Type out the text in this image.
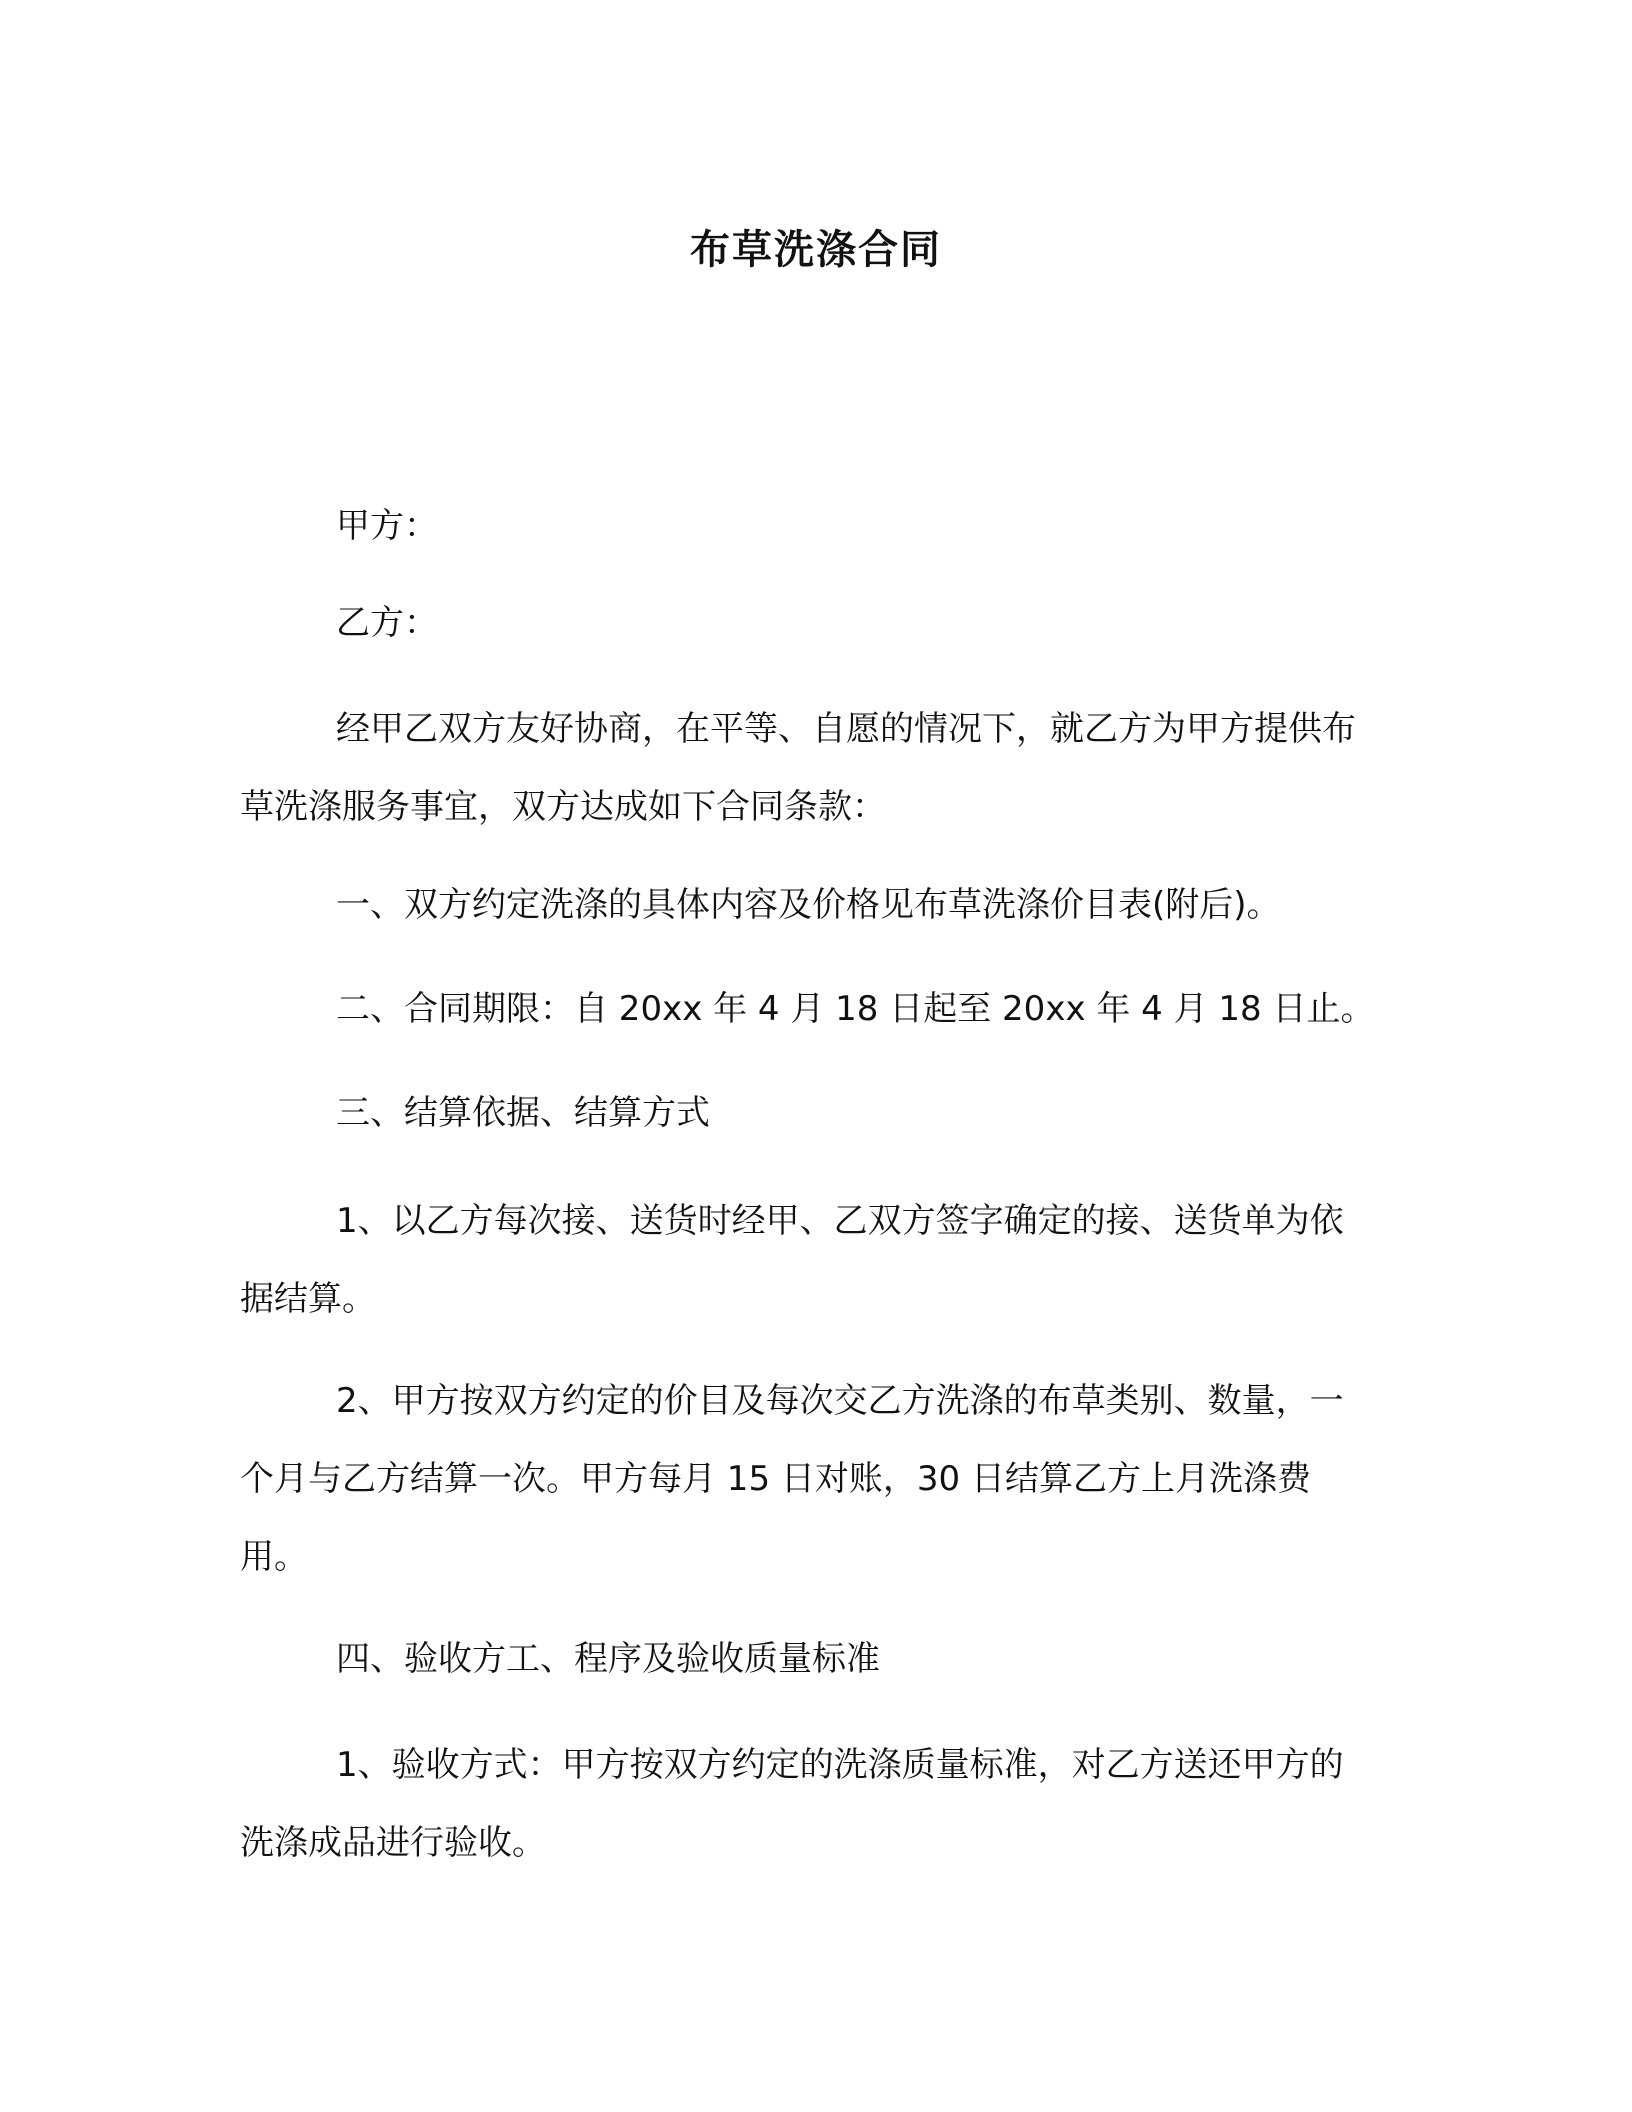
布草洗涤合同

甲方：

乙方：

经甲乙双方友好协商，在平等、自愿的情况下，就乙方为甲方提供布草洗涤服务事宜，双方达成如下合同条款：

一、双方约定洗涤的具体内容及价格见布草洗涤价目表(附后)。

二、合同期限：自 20xx 年 4 月 18 日起至 20xx 年 4 月 18 日止。

三、结算依据、结算方式

1、以乙方每次接、送货时经甲、乙双方签字确定的接、送货单为依据结算。

2、甲方按双方约定的价目及每次交乙方洗涤的布草类别、数量，一个月与乙方结算一次。甲方每月 15 日对账，30 日结算乙方上月洗涤费用。

四、验收方工、程序及验收质量标准

1、验收方式：甲方按双方约定的洗涤质量标准，对乙方送还甲方的洗涤成品进行验收。
